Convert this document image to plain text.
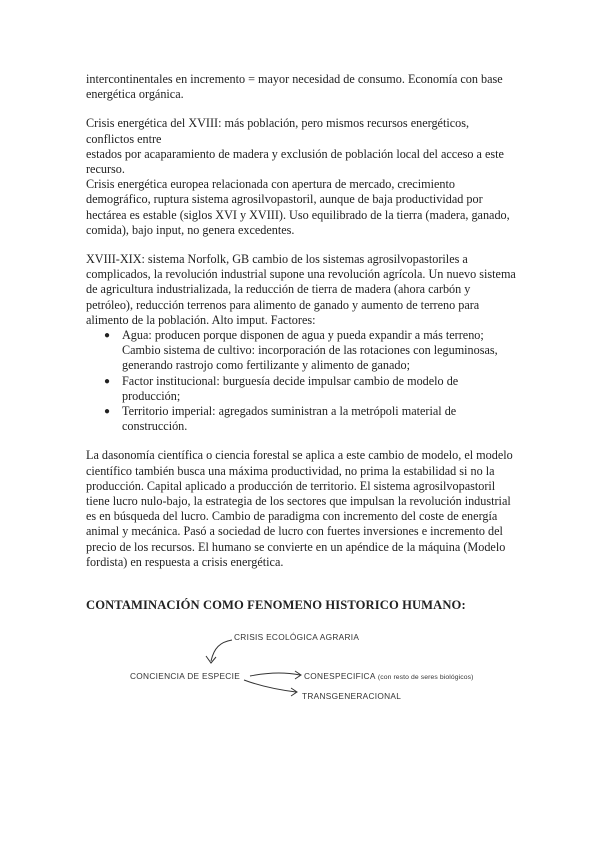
intercontinentales en incremento = mayor necesidad de consumo. Economía con base energética orgánica.

Crisis energética del XVIII: más población, pero mismos recursos energéticos, conflictos entre

estados por acaparamiento de madera y exclusión de población local del acceso a este recurso.

Crisis energética europea relacionada con apertura de mercado, crecimiento demográfico, ruptura sistema agrosilvopastoril, aunque de baja productividad por hectárea es estable (siglos XVI y XVIII). Uso equilibrado de la tierra (madera, ganado, comida), bajo input, no genera excedentes.

XVIII-XIX: sistema Norfolk, GB cambio de los sistemas agrosilvopastoriles a complicados, la revolución industrial supone una revolución agrícola. Un nuevo sistema de agricultura industrializada, la reducción de tierra de madera (ahora carbón y petróleo), reducción terrenos para alimento de ganado y aumento de terreno para alimento de la población. Alto imput. Factores:

● Agua: producen porque disponen de agua y pueda expandir a más terreno; Cambio sistema de cultivo: incorporación de las rotaciones con leguminosas, generando rastrojo como fertilizante y alimento de ganado;
● Factor institucional: burguesía decide impulsar cambio de modelo de producción;
● Territorio imperial: agregados suministran a la metrópoli material de construcción.

La dasonomía científica o ciencia forestal se aplica a este cambio de modelo, el modelo científico también busca una máxima productividad, no prima la estabilidad si no la producción. Capital aplicado a producción de territorio. El sistema agrosilvopastoril tiene lucro nulo-bajo, la estrategia de los sectores que impulsan la revolución industrial es en búsqueda del lucro. Cambio de paradigma con incremento del coste de energía animal y mecánica. Pasó a sociedad de lucro con fuertes inversiones e incremento del precio de los recursos. El humano se convierte en un apéndice de la máquina (Modelo fordista) en respuesta a crisis energética.

CONTAMINACIÓN COMO FENOMENO HISTORICO HUMANO:
CRISIS ECOLÓGICA AGRARIA
CONCIENCIA DE ESPECIE	CONESPECIFICA (con resto de seres biológicos)
TRANSGENERACIONAL
